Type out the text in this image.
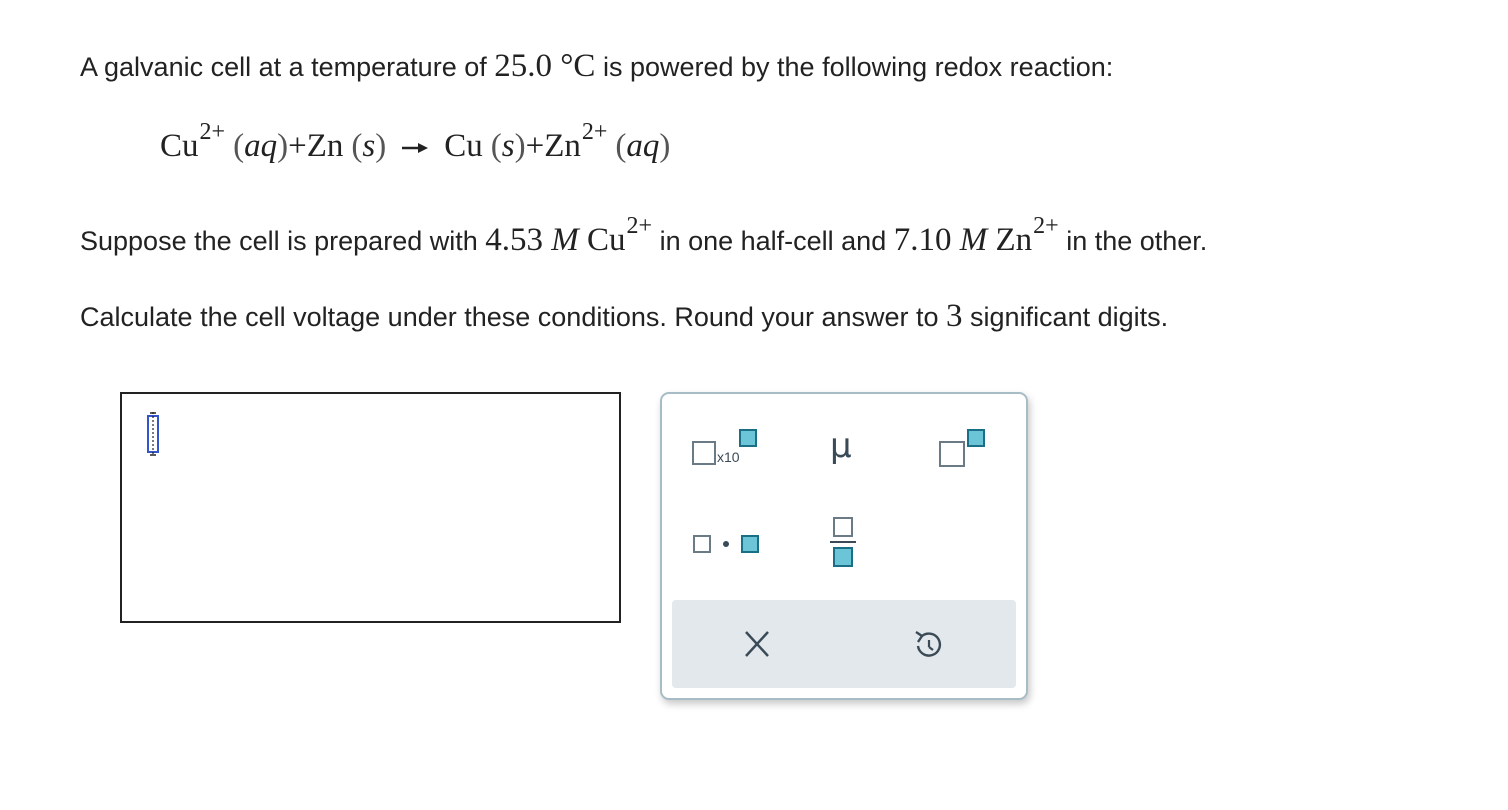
A galvanic cell at a temperature of 25.0 °C is powered by the following redox reaction:
$Cu^{2+}$ (aq)+Zn (s) → Cu $(s)+Zn^{2+}$ (aq)
Suppose the cell is prepared with 4.53 M Cu2+ in one half-cell and 7.10 M Zn2+ in the other.
Calculate the cell voltage under these conditions. Round your answer to 3 significant digits.
x10	μ
